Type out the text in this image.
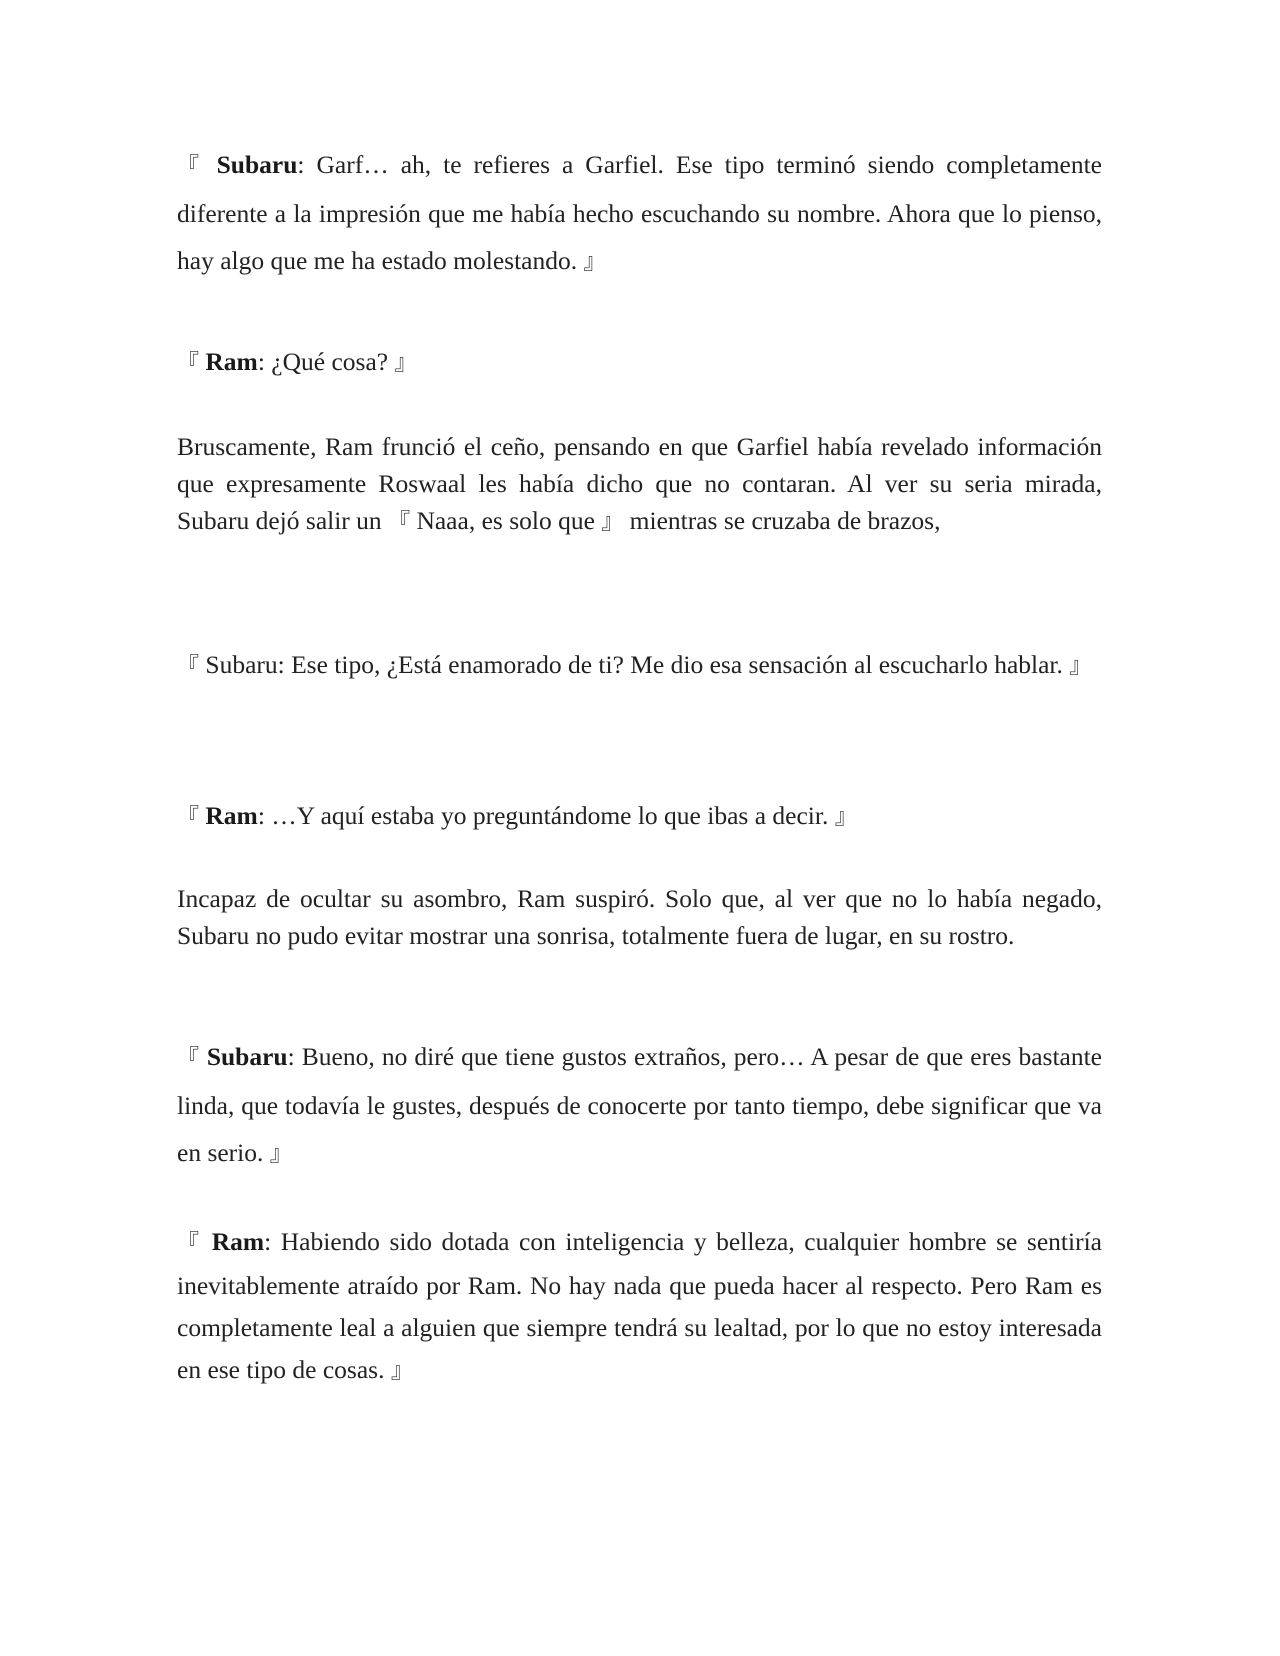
『 Subaru: Garf… ah, te refieres a Garfiel. Ese tipo terminó siendo completamente diferente a la impresión que me había hecho escuchando su nombre. Ahora que lo pienso, hay algo que me ha estado molestando. 』

『 Ram: ¿Qué cosa? 』

Bruscamente, Ram frunció el ceño, pensando en que Garfiel había revelado información que expresamente Roswaal les había dicho que no contaran. Al ver su seria mirada, Subaru dejó salir un 『 Naaa, es solo que 』 mientras se cruzaba de brazos,

『 Subaru: Ese tipo, ¿Está enamorado de ti? Me dio esa sensación al escucharlo hablar. 』

『 Ram: …Y aquí estaba yo preguntándome lo que ibas a decir. 』

Incapaz de ocultar su asombro, Ram suspiró. Solo que, al ver que no lo había negado, Subaru no pudo evitar mostrar una sonrisa, totalmente fuera de lugar, en su rostro.

『 Subaru: Bueno, no diré que tiene gustos extraños, pero… A pesar de que eres bastante linda, que todavía le gustes, después de conocerte por tanto tiempo, debe significar que va en serio. 』

『 Ram: Habiendo sido dotada con inteligencia y belleza, cualquier hombre se sentiría inevitablemente atraído por Ram. No hay nada que pueda hacer al respecto. Pero Ram es completamente leal a alguien que siempre tendrá su lealtad, por lo que no estoy interesada en ese tipo de cosas. 』
